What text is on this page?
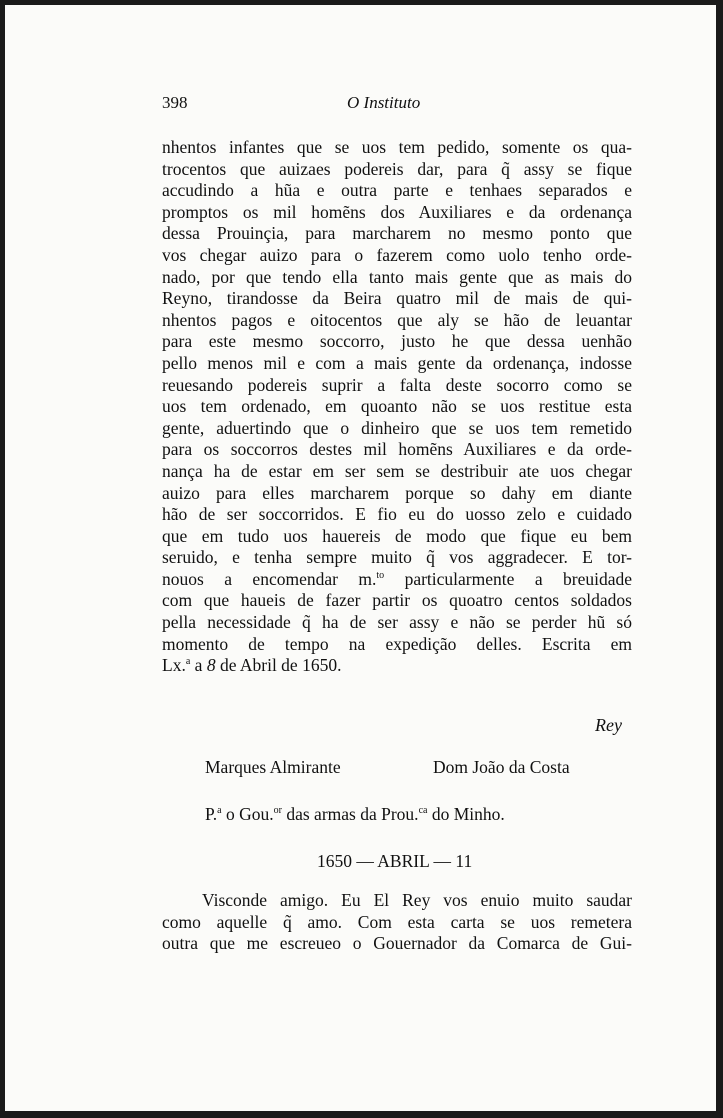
398	O Instituto
nhentos infantes que se uos tem pedido, somente os qua-
trocentos que auizaes podereis dar, para q̃ assy se fique
accudindo a hũa e outra parte e tenhaes separados e
promptos os mil homẽns dos Auxiliares e da ordenança
dessa Prouinçia, para marcharem no mesmo ponto que
vos chegar auizo para o fazerem como uolo tenho orde-
nado, por que tendo ella tanto mais gente que as mais do
Reyno, tirandosse da Beira quatro mil de mais de qui-
nhentos pagos e oitocentos que aly se hão de leuantar
para este mesmo soccorro, justo he que dessa uenhão
pello menos mil e com a mais gente da ordenança, indosse
reuesando podereis suprir a falta deste socorro como se
uos tem ordenado, em quoanto não se uos restitue esta
gente, aduertindo que o dinheiro que se uos tem remetido
para os soccorros destes mil homẽns Auxiliares e da orde-
nança ha de estar em ser sem se destribuir ate uos chegar
auizo para elles marcharem porque so dahy em diante
hão de ser soccorridos. E fio eu do uosso zelo e cuidado
que em tudo uos hauereis de modo que fique eu bem
seruido, e tenha sempre muito q̃ vos aggradecer. E tor-
nouos a encomendar m.$^{to}$ particularmente a breuidade
com que haueis de fazer partir os quoatro centos soldados
pella necessidade q̃ ha de ser assy e não se perder hũ só
momento de tempo na expedição delles. Escrita em
Lx.$^a$ a 8 de Abril de 1650.
Rey
Marques Almirante	Dom João da Costa
P.$^a$ o Gou.$^{or}$ das armas da Prou.$^{ca}$ do Minho.
1650 — ABRIL — 11
Visconde amigo. Eu El Rey vos enuio muito saudar
como aquelle q̃ amo. Com esta carta se uos remetera
outra que me escreueo o Gouernador da Comarca de Gui-
